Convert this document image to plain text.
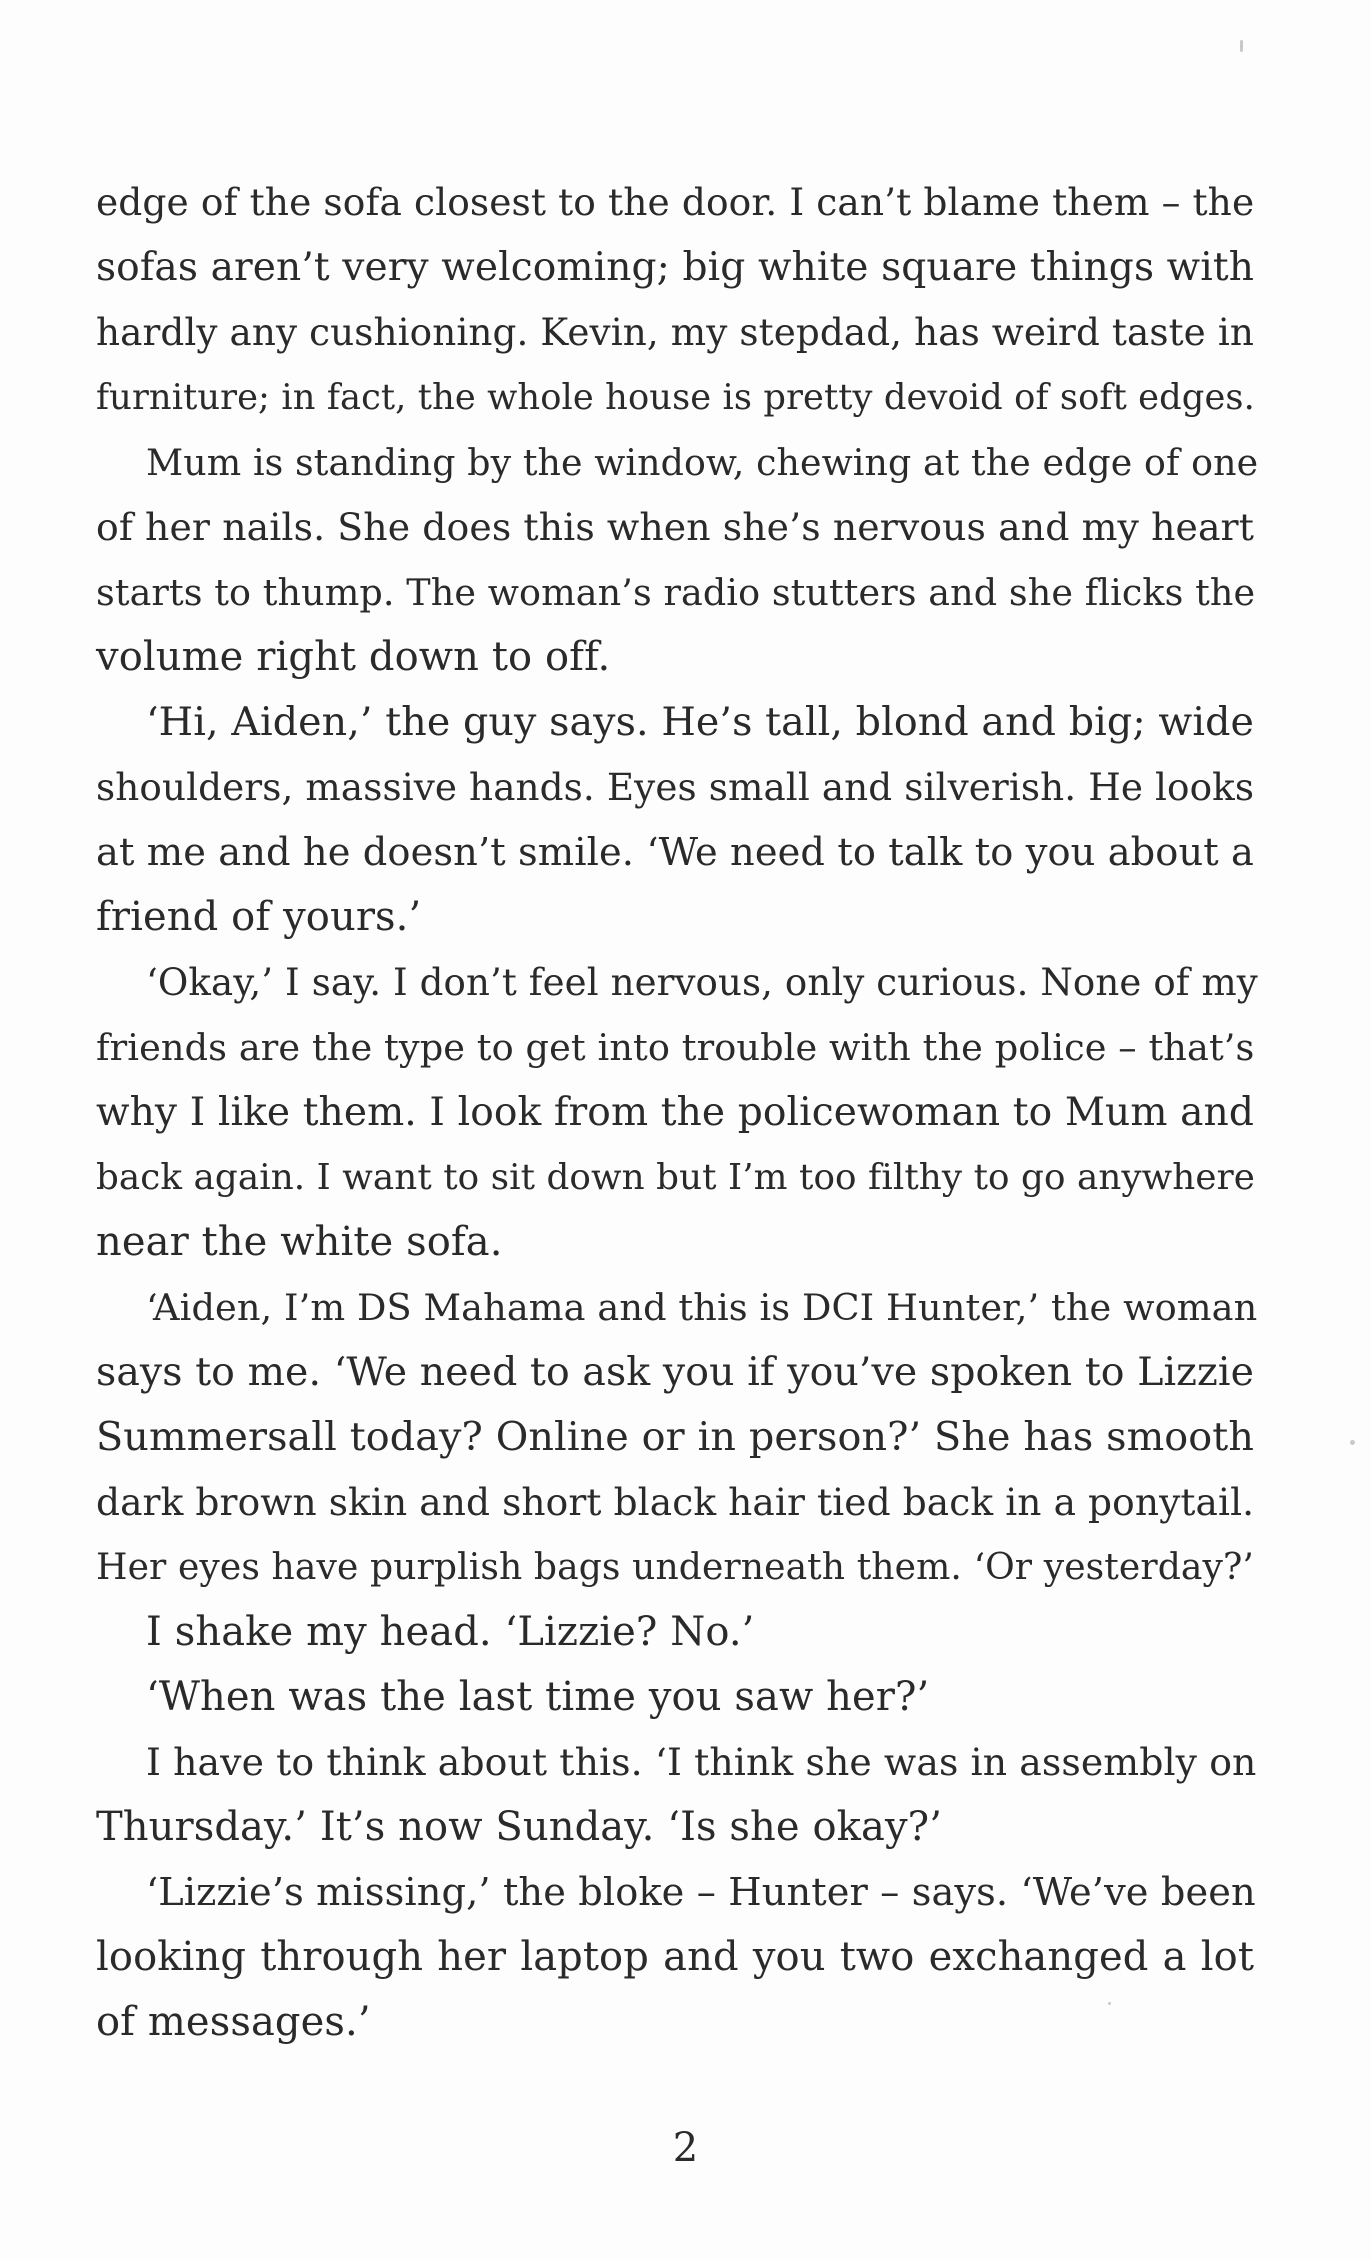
edge of the sofa closest to the door. I can’t blame them – the
sofas aren’t very welcoming; big white square things with
hardly any cushioning. Kevin, my stepdad, has weird taste in
furniture; in fact, the whole house is pretty devoid of soft edges.
Mum is standing by the window, chewing at the edge of one
of her nails. She does this when she’s nervous and my heart
starts to thump. The woman’s radio stutters and she flicks the
volume right down to off.
‘Hi, Aiden,’ the guy says. He’s tall, blond and big; wide
shoulders, massive hands. Eyes small and silverish. He looks
at me and he doesn’t smile. ‘We need to talk to you about a
friend of yours.’
‘Okay,’ I say. I don’t feel nervous, only curious. None of my
friends are the type to get into trouble with the police – that’s
why I like them. I look from the policewoman to Mum and
back again. I want to sit down but I’m too filthy to go anywhere
near the white sofa.
‘Aiden, I’m DS Mahama and this is DCI Hunter,’ the woman
says to me. ‘We need to ask you if you’ve spoken to Lizzie
Summersall today? Online or in person?’ She has smooth
dark brown skin and short black hair tied back in a ponytail.
Her eyes have purplish bags underneath them. ‘Or yesterday?’
I shake my head. ‘Lizzie? No.’
‘When was the last time you saw her?’
I have to think about this. ‘I think she was in assembly on
Thursday.’ It’s now Sunday. ‘Is she okay?’
‘Lizzie’s missing,’ the bloke – Hunter – says. ‘We’ve been
looking through her laptop and you two exchanged a lot
of messages.’
2
